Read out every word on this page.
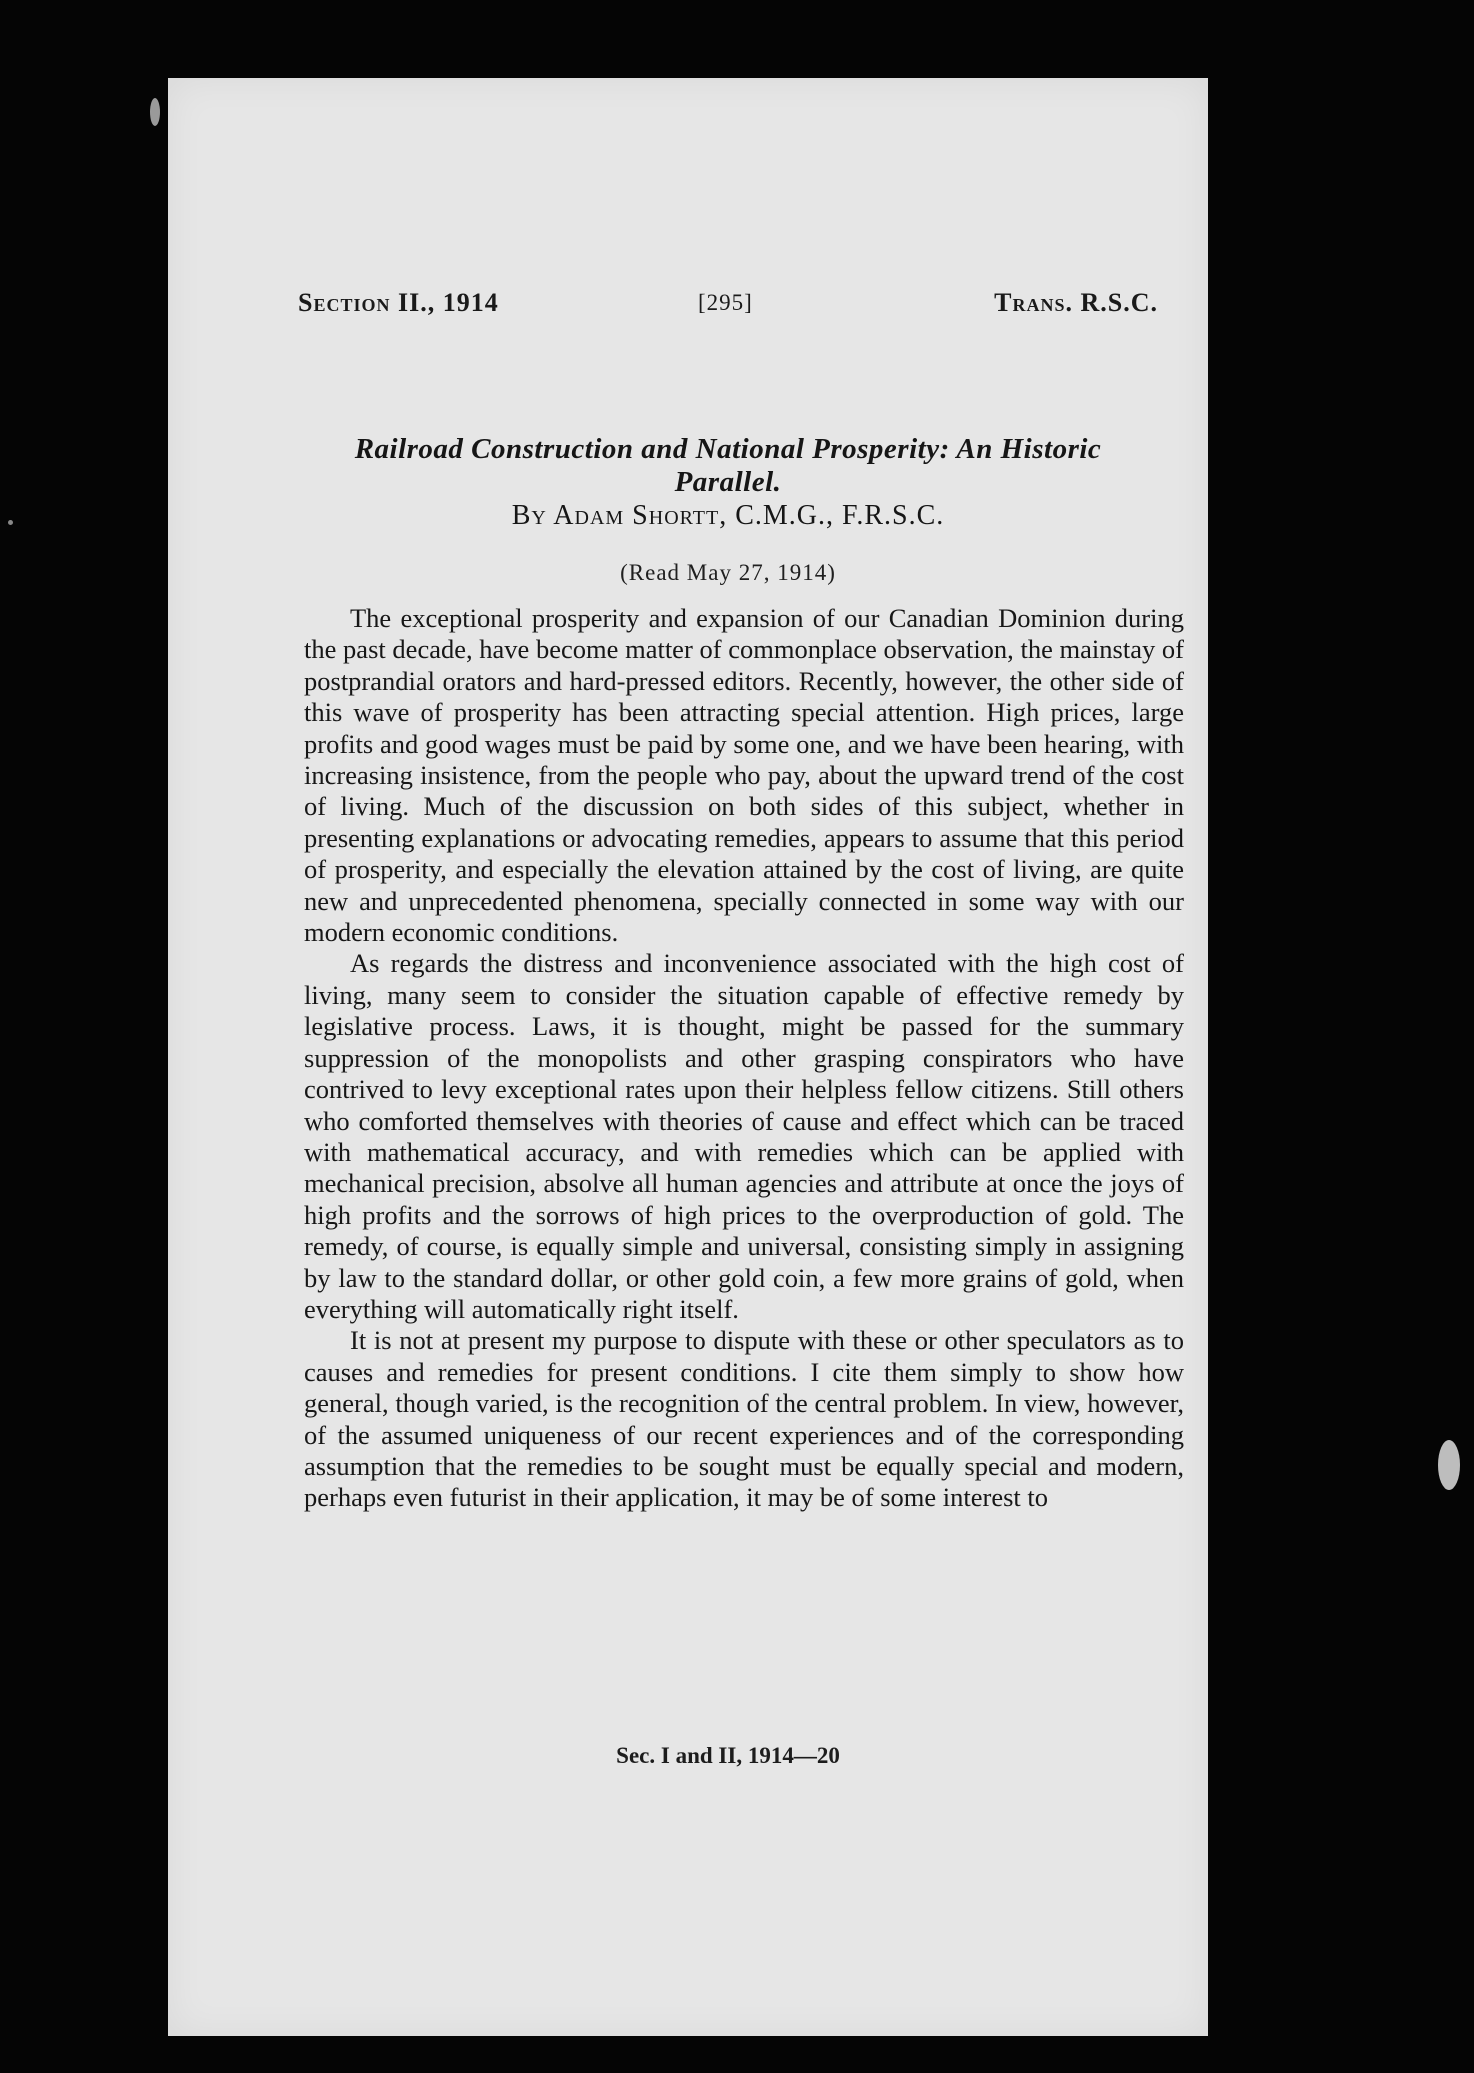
Section II., 1914	[295]	Trans. R.S.C.
Railroad Construction and National Prosperity: An Historic Parallel.
By Adam Shortt, C.M.G., F.R.S.C.
(Read May 27, 1914)

The exceptional prosperity and expansion of our Canadian Dominion during the past decade, have become matter of commonplace observation, the mainstay of postprandial orators and hard-pressed editors. Recently, however, the other side of this wave of prosperity has been attracting special attention. High prices, large profits and good wages must be paid by some one, and we have been hearing, with increasing insistence, from the people who pay, about the upward trend of the cost of living. Much of the discussion on both sides of this subject, whether in presenting explanations or advocating remedies, appears to assume that this period of prosperity, and especially the elevation attained by the cost of living, are quite new and unprecedented phenomena, specially connected in some way with our modern economic conditions.

As regards the distress and inconvenience associated with the high cost of living, many seem to consider the situation capable of effective remedy by legislative process. Laws, it is thought, might be passed for the summary suppression of the monopolists and other grasping conspirators who have contrived to levy exceptional rates upon their helpless fellow citizens. Still others who comforted themselves with theories of cause and effect which can be traced with mathematical accuracy, and with remedies which can be applied with mechanical precision, absolve all human agencies and attribute at once the joys of high profits and the sorrows of high prices to the overproduction of gold. The remedy, of course, is equally simple and universal, consisting simply in assigning by law to the standard dollar, or other gold coin, a few more grains of gold, when everything will automatically right itself.

It is not at present my purpose to dispute with these or other speculators as to causes and remedies for present conditions. I cite them simply to show how general, though varied, is the recognition of the central problem. In view, however, of the assumed uniqueness of our recent experiences and of the corresponding assumption that the remedies to be sought must be equally special and modern, perhaps even futurist in their application, it may be of some interest to

Sec. I and II, 1914—20
